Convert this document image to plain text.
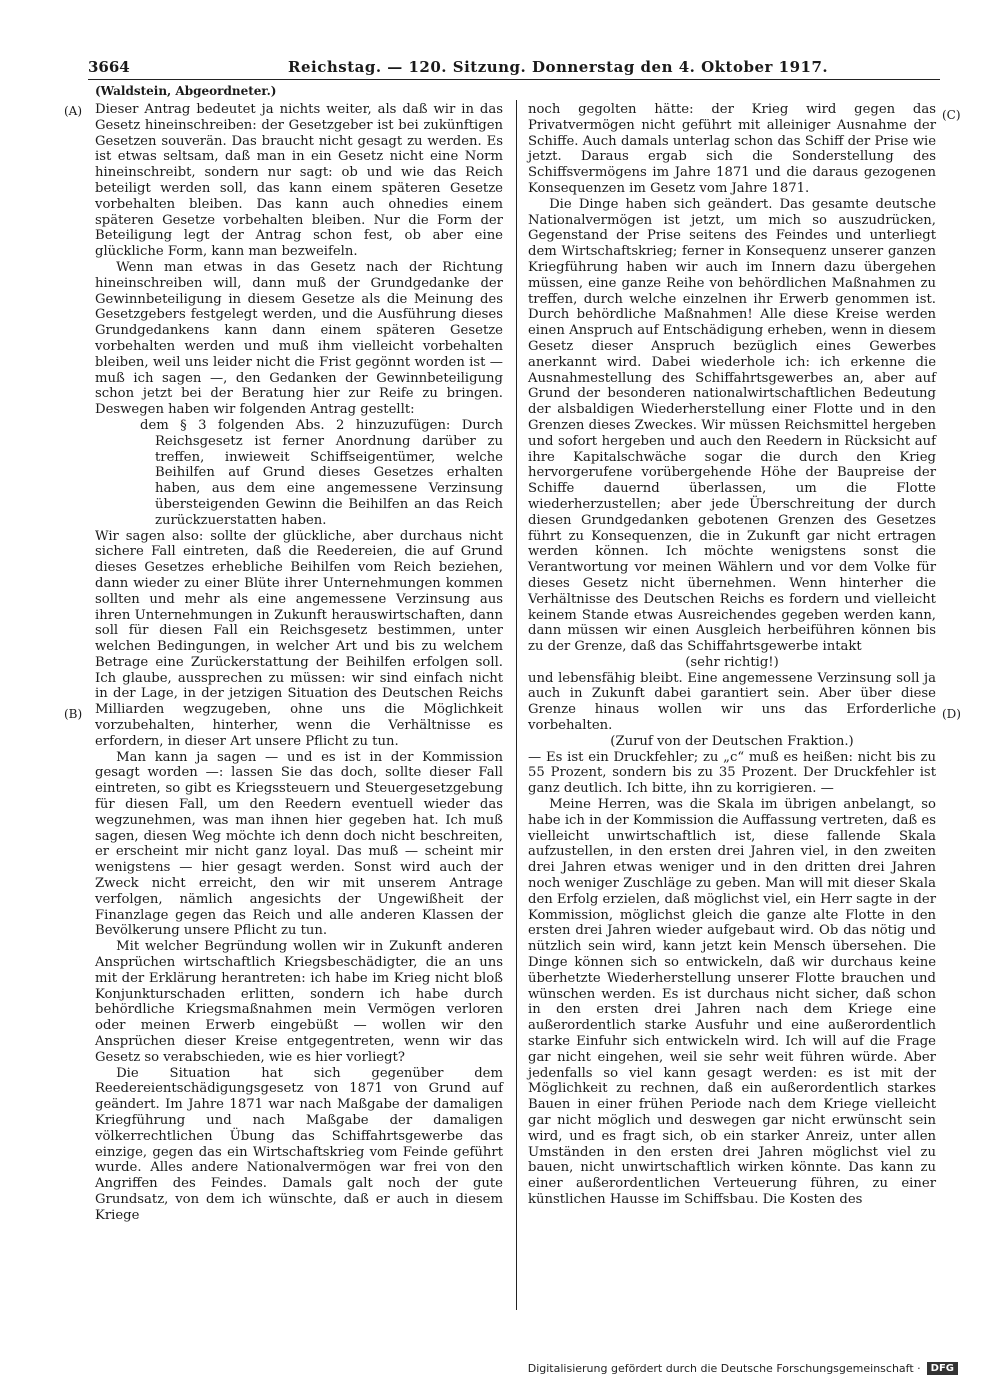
3664	Reichstag. — 120. Sitzung. Donnerstag den 4. Oktober 1917.
(Waldstein, Abgeordneter.)
(A)
(B)
(C)
(D)

Dieser Antrag bedeutet ja nichts weiter, als daß wir in das Gesetz hineinschreiben: der Gesetzgeber ist bei zukünftigen Gesetzen souverän. Das braucht nicht gesagt zu werden. Es ist etwas seltsam, daß man in ein Gesetz nicht eine Norm hineinschreibt, sondern nur sagt: ob und wie das Reich beteiligt werden soll, das kann einem späteren Gesetze vorbehalten bleiben. Das kann auch ohnedies einem späteren Gesetze vorbehalten bleiben. Nur die Form der Beteiligung legt der Antrag schon fest, ob aber eine glückliche Form, kann man bezweifeln.

Wenn man etwas in das Gesetz nach der Richtung hineinschreiben will, dann muß der Grundgedanke der Gewinnbeteiligung in diesem Gesetze als die Meinung des Gesetzgebers festgelegt werden, und die Ausführung dieses Grundgedankens kann dann einem späteren Gesetze vorbehalten werden und muß ihm vielleicht vorbehalten bleiben, weil uns leider nicht die Frist gegönnt worden ist — muß ich sagen —, den Gedanken der Gewinnbeteiligung schon jetzt bei der Beratung hier zur Reife zu bringen. Deswegen haben wir folgenden Antrag gestellt:

dem § 3 folgenden Abs. 2 hinzuzufügen: Durch Reichsgesetz ist ferner Anordnung darüber zu treffen, inwieweit Schiffseigentümer, welche Beihilfen auf Grund dieses Gesetzes erhalten haben, aus dem eine angemessene Verzinsung übersteigenden Gewinn die Beihilfen an das Reich zurückzuerstatten haben.

Wir sagen also: sollte der glückliche, aber durchaus nicht sichere Fall eintreten, daß die Reedereien, die auf Grund dieses Gesetzes erhebliche Beihilfen vom Reich beziehen, dann wieder zu einer Blüte ihrer Unternehmungen kommen sollten und mehr als eine angemessene Verzinsung aus ihren Unternehmungen in Zukunft herauswirtschaften, dann soll für diesen Fall ein Reichsgesetz bestimmen, unter welchen Bedingungen, in welcher Art und bis zu welchem Betrage eine Zurückerstattung der Beihilfen erfolgen soll. Ich glaube, aussprechen zu müssen: wir sind einfach nicht in der Lage, in der jetzigen Situation des Deutschen Reichs Milliarden wegzugeben, ohne uns die Möglichkeit vorzubehalten, hinterher, wenn die Verhältnisse es erfordern, in dieser Art unsere Pflicht zu tun.

Man kann ja sagen — und es ist in der Kommission gesagt worden —: lassen Sie das doch, sollte dieser Fall eintreten, so gibt es Kriegssteuern und Steuergesetzgebung für diesen Fall, um den Reedern eventuell wieder das wegzunehmen, was man ihnen hier gegeben hat. Ich muß sagen, diesen Weg möchte ich denn doch nicht beschreiten, er erscheint mir nicht ganz loyal. Das muß — scheint mir wenigstens — hier gesagt werden. Sonst wird auch der Zweck nicht erreicht, den wir mit unserem Antrage verfolgen, nämlich angesichts der Ungewißheit der Finanzlage gegen das Reich und alle anderen Klassen der Bevölkerung unsere Pflicht zu tun.

Mit welcher Begründung wollen wir in Zukunft anderen Ansprüchen wirtschaftlich Kriegsbeschädigter, die an uns mit der Erklärung herantreten: ich habe im Krieg nicht bloß Konjunkturschaden erlitten, sondern ich habe durch behördliche Kriegsmaßnahmen mein Vermögen verloren oder meinen Erwerb eingebüßt — wollen wir den Ansprüchen dieser Kreise entgegentreten, wenn wir das Gesetz so verabschieden, wie es hier vorliegt?

Die Situation hat sich gegenüber dem Reedereientschädigungsgesetz von 1871 von Grund auf geändert. Im Jahre 1871 war nach Maßgabe der damaligen Kriegführung und nach Maßgabe der damaligen völkerrechtlichen Übung das Schiffahrtsgewerbe das einzige, gegen das ein Wirtschaftskrieg vom Feinde geführt wurde. Alles andere Nationalvermögen war frei von den Angriffen des Feindes. Damals galt noch der gute Grundsatz, von dem ich wünschte, daß er auch in diesem Kriege

noch gegolten hätte: der Krieg wird gegen das Privatvermögen nicht geführt mit alleiniger Ausnahme der Schiffe. Auch damals unterlag schon das Schiff der Prise wie jetzt. Daraus ergab sich die Sonderstellung des Schiffsvermögens im Jahre 1871 und die daraus gezogenen Konsequenzen im Gesetz vom Jahre 1871.

Die Dinge haben sich geändert. Das gesamte deutsche Nationalvermögen ist jetzt, um mich so auszudrücken, Gegenstand der Prise seitens des Feindes und unterliegt dem Wirtschaftskrieg; ferner in Konsequenz unserer ganzen Kriegführung haben wir auch im Innern dazu übergehen müssen, eine ganze Reihe von behördlichen Maßnahmen zu treffen, durch welche einzelnen ihr Erwerb genommen ist. Durch behördliche Maßnahmen! Alle diese Kreise werden einen Anspruch auf Entschädigung erheben, wenn in diesem Gesetz dieser Anspruch bezüglich eines Gewerbes anerkannt wird. Dabei wiederhole ich: ich erkenne die Ausnahmestellung des Schiffahrtsgewerbes an, aber auf Grund der besonderen nationalwirtschaftlichen Bedeutung der alsbaldigen Wiederherstellung einer Flotte und in den Grenzen dieses Zweckes. Wir müssen Reichsmittel hergeben und sofort hergeben und auch den Reedern in Rücksicht auf ihre Kapitalschwäche sogar die durch den Krieg hervorgerufene vorübergehende Höhe der Baupreise der Schiffe dauernd überlassen, um die Flotte wiederherzustellen; aber jede Überschreitung der durch diesen Grundgedanken gebotenen Grenzen des Gesetzes führt zu Konsequenzen, die in Zukunft gar nicht ertragen werden können. Ich möchte wenigstens sonst die Verantwortung vor meinen Wählern und vor dem Volke für dieses Gesetz nicht übernehmen. Wenn hinterher die Verhältnisse des Deutschen Reichs es fordern und vielleicht keinem Stande etwas Ausreichendes gegeben werden kann, dann müssen wir einen Ausgleich herbeiführen können bis zu der Grenze, daß das Schiffahrtsgewerbe intakt

(sehr richtig!)

und lebensfähig bleibt. Eine angemessene Verzinsung soll ja auch in Zukunft dabei garantiert sein. Aber über diese Grenze hinaus wollen wir uns das Erforderliche vorbehalten.

(Zuruf von der Deutschen Fraktion.)

— Es ist ein Druckfehler; zu „c“ muß es heißen: nicht bis zu 55 Prozent, sondern bis zu 35 Prozent. Der Druckfehler ist ganz deutlich. Ich bitte, ihn zu korrigieren. —

Meine Herren, was die Skala im übrigen anbelangt, so habe ich in der Kommission die Auffassung vertreten, daß es vielleicht unwirtschaftlich ist, diese fallende Skala aufzustellen, in den ersten drei Jahren viel, in den zweiten drei Jahren etwas weniger und in den dritten drei Jahren noch weniger Zuschläge zu geben. Man will mit dieser Skala den Erfolg erzielen, daß möglichst viel, ein Herr sagte in der Kommission, möglichst gleich die ganze alte Flotte in den ersten drei Jahren wieder aufgebaut wird. Ob das nötig und nützlich sein wird, kann jetzt kein Mensch übersehen. Die Dinge können sich so entwickeln, daß wir durchaus keine überhetzte Wiederherstellung unserer Flotte brauchen und wünschen werden. Es ist durchaus nicht sicher, daß schon in den ersten drei Jahren nach dem Kriege eine außerordentlich starke Ausfuhr und eine außerordentlich starke Einfuhr sich entwickeln wird. Ich will auf die Frage gar nicht eingehen, weil sie sehr weit führen würde. Aber jedenfalls so viel kann gesagt werden: es ist mit der Möglichkeit zu rechnen, daß ein außerordentlich starkes Bauen in einer frühen Periode nach dem Kriege vielleicht gar nicht möglich und deswegen gar nicht erwünscht sein wird, und es fragt sich, ob ein starker Anreiz, unter allen Umständen in den ersten drei Jahren möglichst viel zu bauen, nicht unwirtschaftlich wirken könnte. Das kann zu einer außerordentlichen Verteuerung führen, zu einer künstlichen Hausse im Schiffsbau. Die Kosten des

Digitalisierung gefördert durch die Deutsche Forschungsgemeinschaft ·	DFG
